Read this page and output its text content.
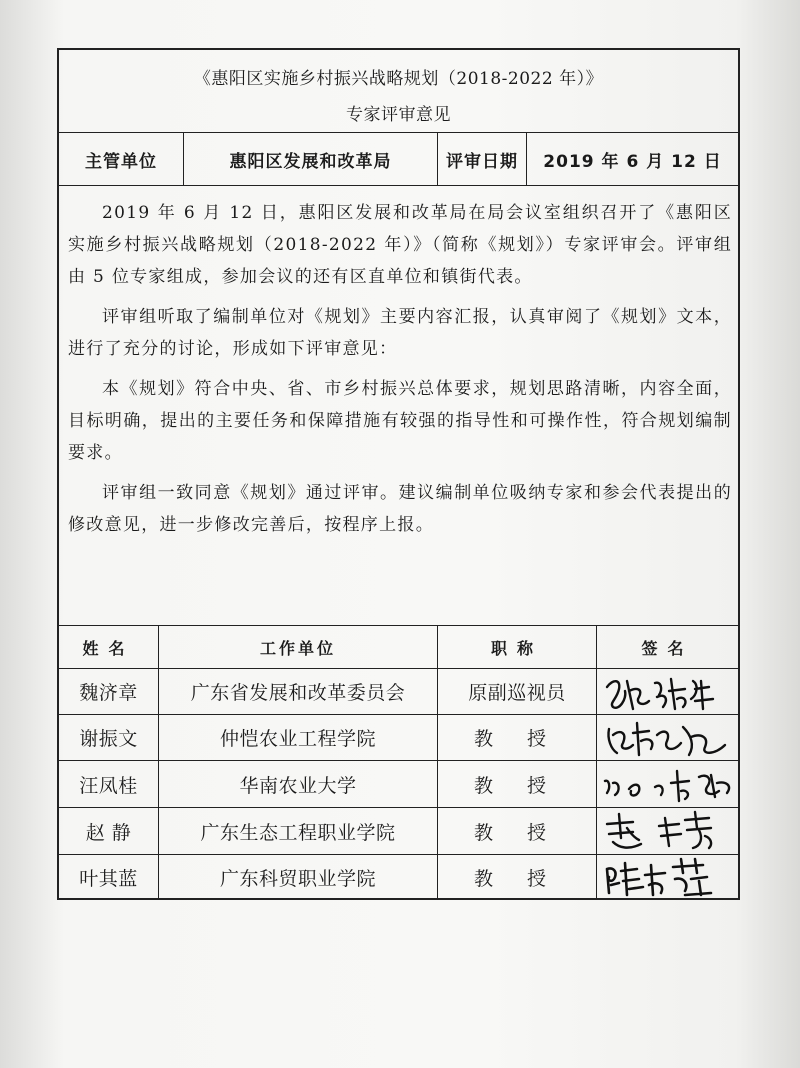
《惠阳区实施乡村振兴战略规划（2018-2022 年）》
专家评审意见
主管单位	惠阳区发展和改革局	评审日期	2019 年 6 月 12 日

2019 年 6 月 12 日，惠阳区发展和改革局在局会议室组织召开了《惠阳区实施乡村振兴战略规划（2018-2022 年）》（简称《规划》）专家评审会。评审组由 5 位专家组成，参加会议的还有区直单位和镇街代表。

评审组听取了编制单位对《规划》主要内容汇报，认真审阅了《规划》文本，进行了充分的讨论，形成如下评审意见：

本《规划》符合中央、省、市乡村振兴总体要求，规划思路清晰，内容全面，目标明确，提出的主要任务和保障措施有较强的指导性和可操作性，符合规划编制要求。

评审组一致同意《规划》通过评审。建议编制单位吸纳专家和参会代表提出的修改意见，进一步修改完善后，按程序上报。

姓名	工作单位	职称	签名
魏济章	广东省发展和改革委员会	原副巡视员
谢振文	仲恺农业工程学院	教 授
汪凤桂	华南农业大学	教 授
赵 静	广东生态工程职业学院	教 授
叶其蓝	广东科贸职业学院	教 授
